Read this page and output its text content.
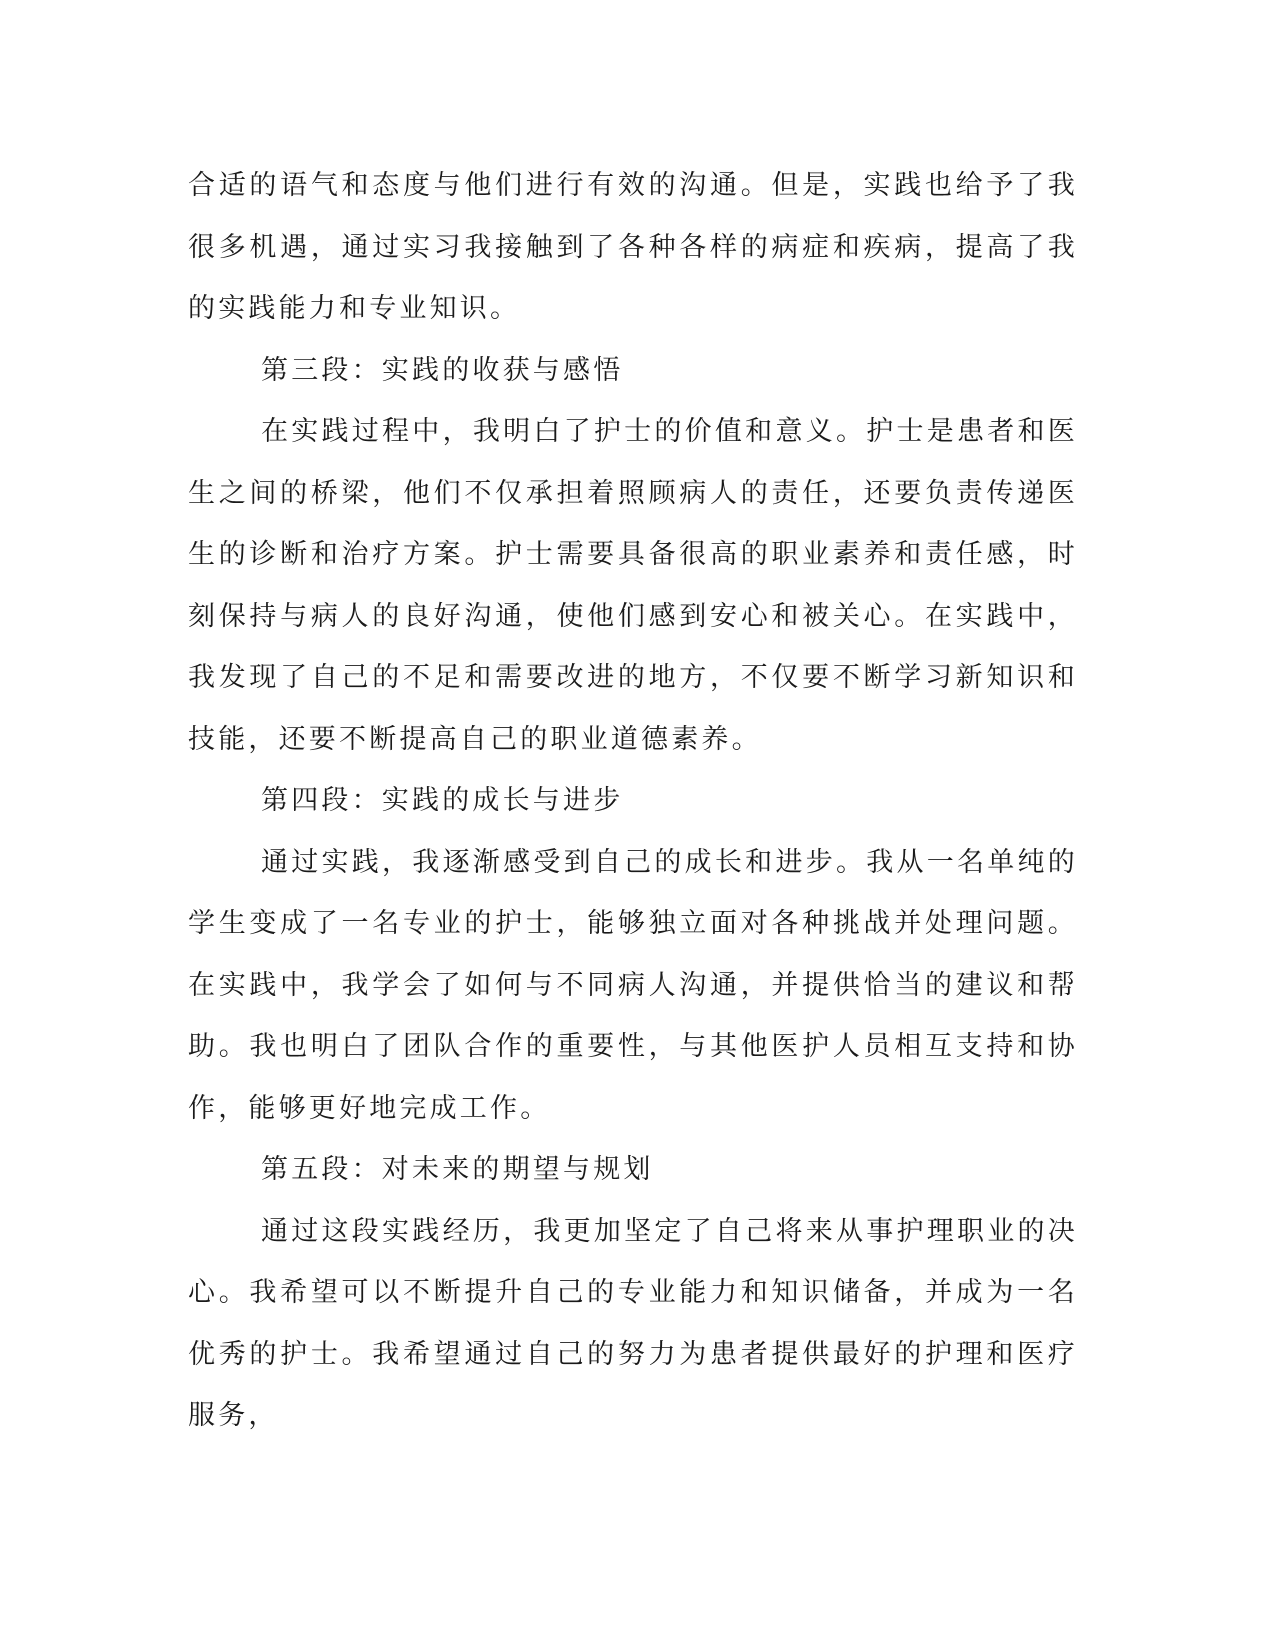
合适的语气和态度与他们进行有效的沟通。但是，实践也给予了我很多机遇，通过实习我接触到了各种各样的病症和疾病，提高了我的实践能力和专业知识。

第三段：实践的收获与感悟

在实践过程中，我明白了护士的价值和意义。护士是患者和医生之间的桥梁，他们不仅承担着照顾病人的责任，还要负责传递医生的诊断和治疗方案。护士需要具备很高的职业素养和责任感，时刻保持与病人的良好沟通，使他们感到安心和被关心。在实践中，我发现了自己的不足和需要改进的地方，不仅要不断学习新知识和技能，还要不断提高自己的职业道德素养。

第四段：实践的成长与进步

通过实践，我逐渐感受到自己的成长和进步。我从一名单纯的学生变成了一名专业的护士，能够独立面对各种挑战并处理问题。在实践中，我学会了如何与不同病人沟通，并提供恰当的建议和帮助。我也明白了团队合作的重要性，与其他医护人员相互支持和协作，能够更好地完成工作。

第五段：对未来的期望与规划

通过这段实践经历，我更加坚定了自己将来从事护理职业的决心。我希望可以不断提升自己的专业能力和知识储备，并成为一名优秀的护士。我希望通过自己的努力为患者提供最好的护理和医疗服务，
